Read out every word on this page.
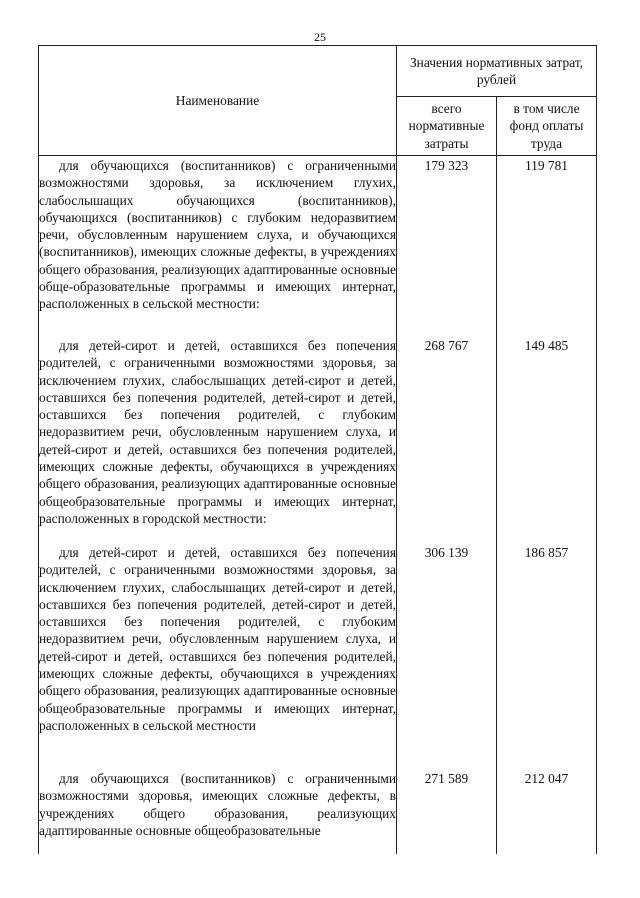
25
Наименование	Значения нормативных затрат, рублей	
	всего нормативные затраты	в том числе фонд оплаты труда
для обучающихся (воспитанников) с ограниченными возможностями здоровья, за исключением глухих, слабослышащих обучающихся (воспитанников), обучающихся (воспитанников) с глубоким недоразвитием речи, обусловленным нарушением слуха, и обучающихся (воспитанников), имеющих сложные дефекты, в учреждениях общего образования, реализующих адаптированные основные обще-образовательные программы и имеющих интернат, расположенных в сельской местности:	179 323	119 781
для детей-сирот и детей, оставшихся без попечения родителей, с ограниченными возможностями здоровья, за исключением глухих, слабослышащих детей-сирот и детей, оставшихся без попечения родителей, детей-сирот и детей, оставшихся без попечения родителей, с глубоким недоразвитием речи, обусловленным нарушением слуха, и детей-сирот и детей, оставшихся без попечения родителей, имеющих сложные дефекты, обучающихся в учреждениях общего образования, реализующих адаптированные основные общеобразовательные программы и имеющих интернат, расположенных в городской местности:	268 767	149 485
для детей-сирот и детей, оставшихся без попечения родителей, с ограниченными возможностями здоровья, за исключением глухих, слабослышащих детей-сирот и детей, оставшихся без попечения родителей, детей-сирот и детей, оставшихся без попечения родителей, с глубоким недоразвитием речи, обусловленным нарушением слуха, и детей-сирот и детей, оставшихся без попечения родителей, имеющих сложные дефекты, обучающихся в учреждениях общего образования, реализующих адаптированные основные общеобразовательные программы и имеющих интернат, расположенных в сельской местности	306 139	186 857
для обучающихся (воспитанников) с ограниченными возможностями здоровья, имеющих сложные дефекты, в учреждениях общего образования, реализующих адаптированные основные общеобразовательные	271 589	212 047
